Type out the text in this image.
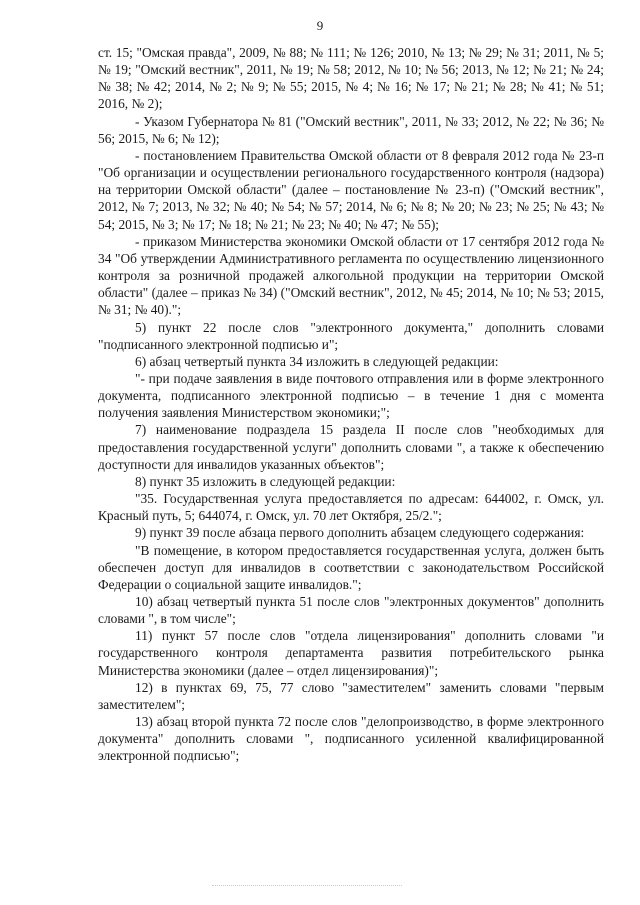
9

ст. 15; "Омская правда", 2009, № 88; № 111; № 126; 2010, № 13; № 29; № 31; 2011, № 5; № 19; "Омский вестник", 2011, № 19; № 58; 2012, № 10; № 56; 2013, № 12; № 21; № 24; № 38; № 42; 2014, № 2; № 9; № 55; 2015, № 4; № 16; № 17; № 21; № 28; № 41; № 51; 2016, № 2);

- Указом Губернатора № 81 ("Омский вестник", 2011, № 33; 2012, № 22; № 36; № 56; 2015, № 6; № 12);

- постановлением Правительства Омской области от 8 февраля 2012 года № 23-п "Об организации и осуществлении регионального государственного контроля (надзора) на территории Омской области" (далее – постановление № 23-п) ("Омский вестник", 2012, № 7; 2013, № 32; № 40; № 54; № 57; 2014, № 6; № 8; № 20; № 23; № 25; № 43; № 54; 2015, № 3; № 17; № 18; № 21; № 23; № 40; № 47; № 55);

- приказом Министерства экономики Омской области от 17 сентября 2012 года № 34 "Об утверждении Административного регламента по осуществлению лицензионного контроля за розничной продажей алкогольной продукции на территории Омской области" (далее – приказ № 34) ("Омский вестник", 2012, № 45; 2014, № 10; № 53; 2015, № 31; № 40).";

5) пункт 22 после слов "электронного документа," дополнить словами "подписанного электронной подписью и";

6) абзац четвертый пункта 34 изложить в следующей редакции:

"- при подаче заявления в виде почтового отправления или в форме электронного документа, подписанного электронной подписью – в течение 1 дня с момента получения заявления Министерством экономики;";

7) наименование подраздела 15 раздела II после слов "необходимых для предоставления государственной услуги" дополнить словами ", а также к обеспечению доступности для инвалидов указанных объектов";

8) пункт 35 изложить в следующей редакции:

"35. Государственная услуга предоставляется по адресам: 644002, г. Омск, ул. Красный путь, 5; 644074, г. Омск, ул. 70 лет Октября, 25/2.";

9) пункт 39 после абзаца первого дополнить абзацем следующего содержания:

"В помещение, в котором предоставляется государственная услуга, должен быть обеспечен доступ для инвалидов в соответствии с законодательством Российской Федерации о социальной защите инвалидов.";

10) абзац четвертый пункта 51 после слов "электронных документов" дополнить словами ", в том числе";

11) пункт 57 после слов "отдела лицензирования" дополнить словами "и государственного контроля департамента развития потребительского рынка Министерства экономики (далее – отдел лицензирования)";

12) в пунктах 69, 75, 77 слово "заместителем" заменить словами "первым заместителем";

13) абзац второй пункта 72 после слов "делопроизводство, в форме электронного документа" дополнить словами ", подписанного усиленной квалифицированной электронной подписью";
